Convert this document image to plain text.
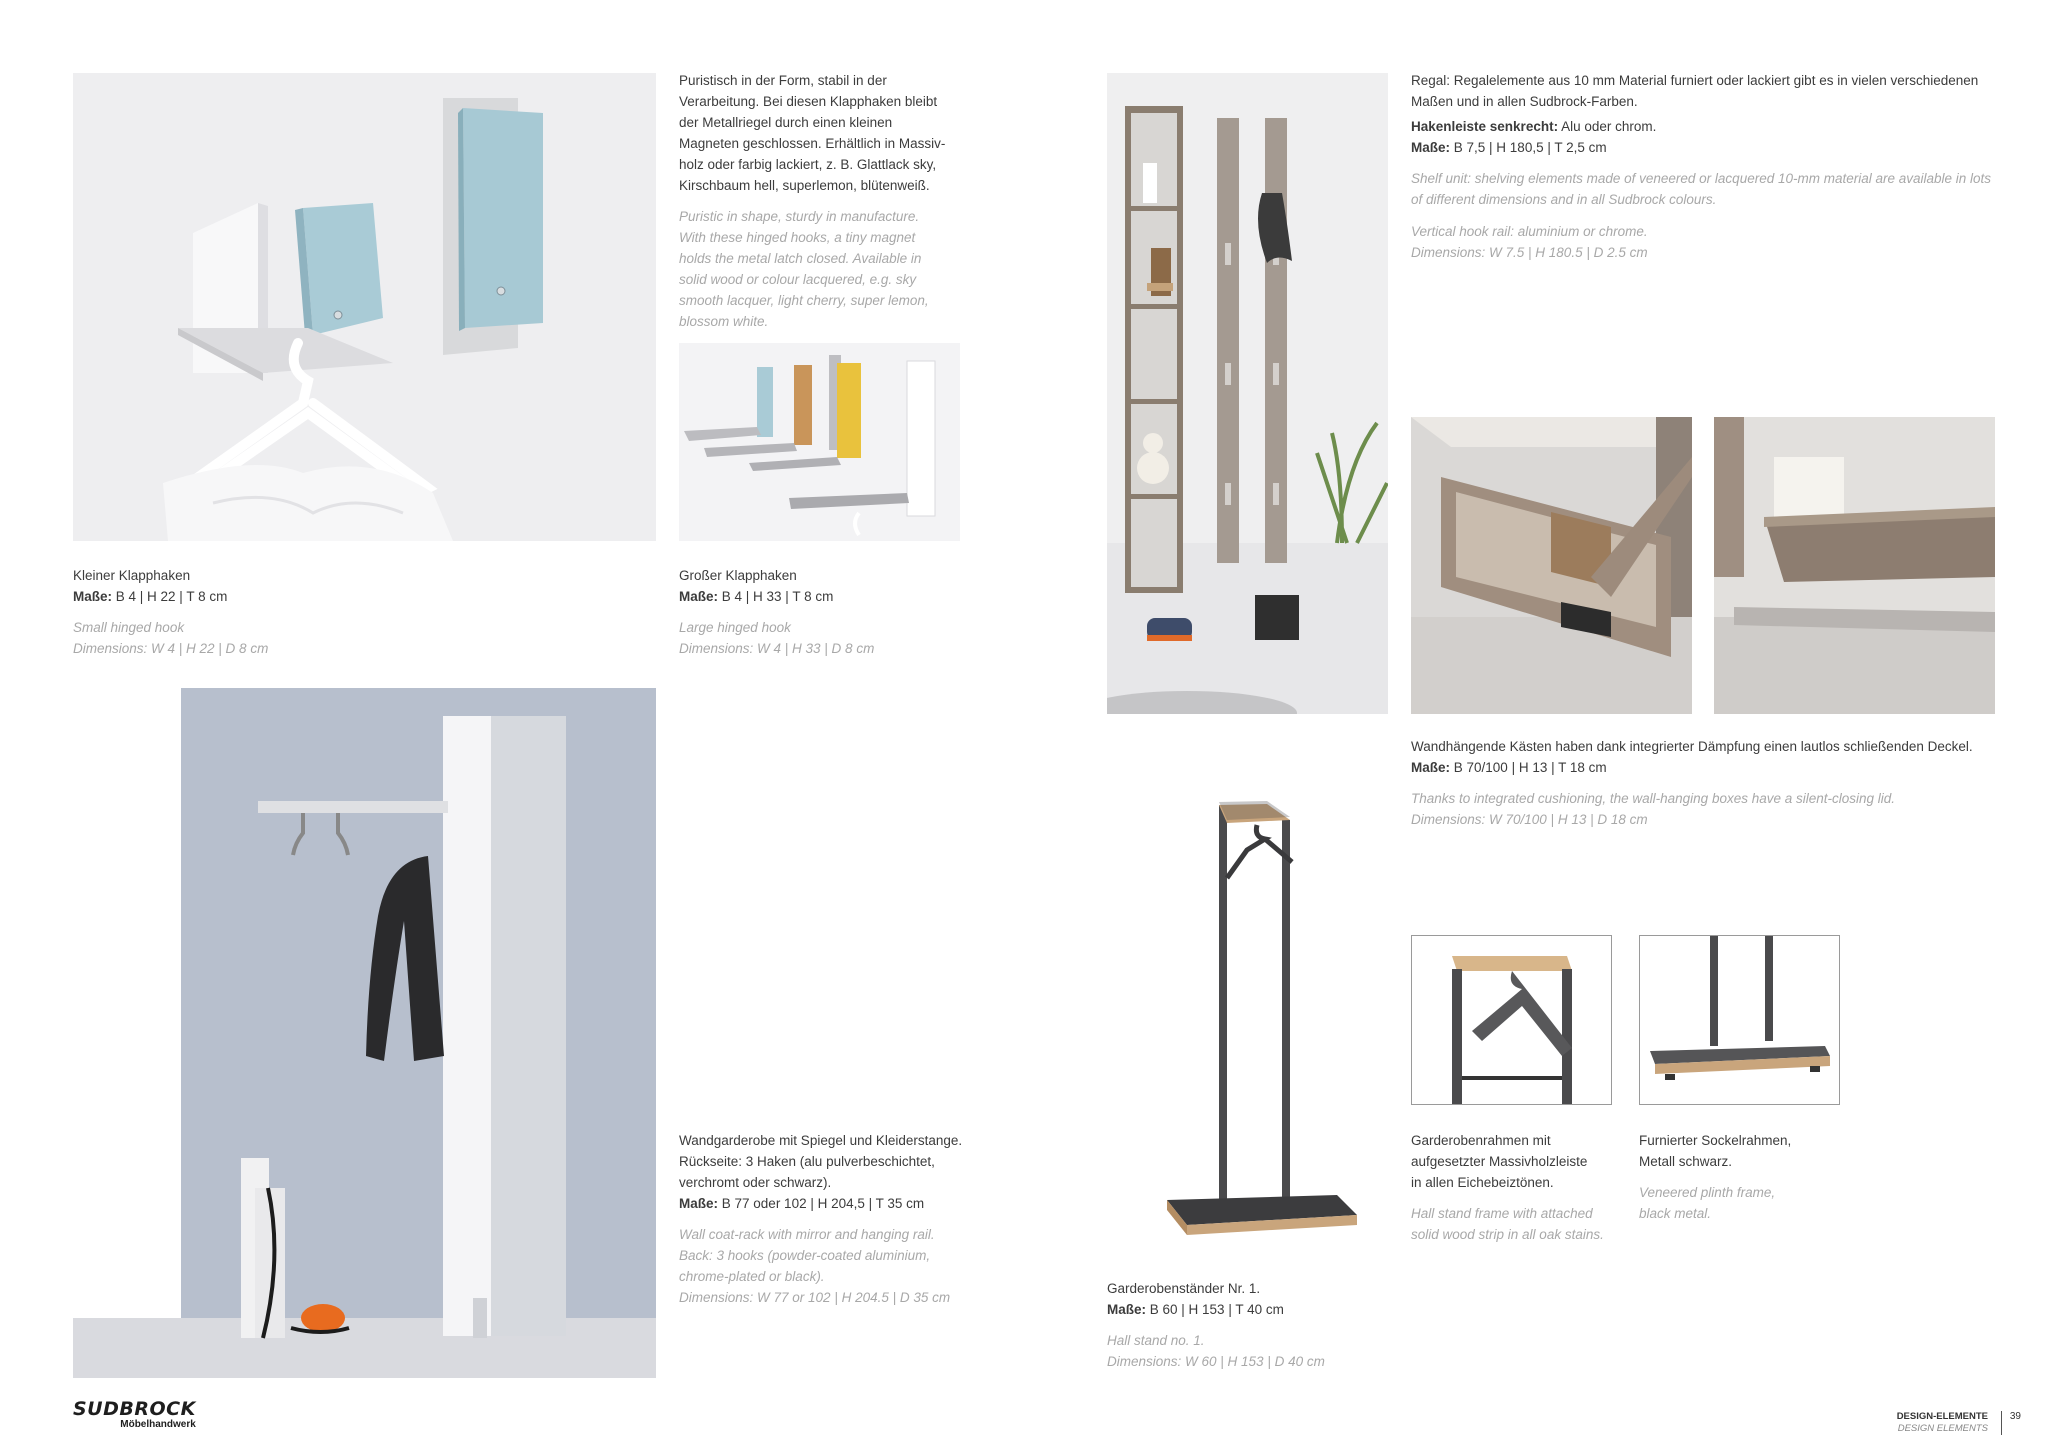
Puristisch in der Form, stabil in der

Verarbeitung. Bei diesen Klapphaken bleibt

der Metallriegel durch einen kleinen

Magneten geschlossen. Erhältlich in Massiv-

holz oder farbig lackiert, z. B. Glattlack sky,

Kirschbaum hell, superlemon, blütenweiß.

Puristic in shape, sturdy in manufacture.

With these hinged hooks, a tiny magnet

holds the metal latch closed. Available in

solid wood or colour lacquered, e.g. sky

smooth lacquer, light cherry, super lemon,

blossom white.

Kleiner Klapphaken

Maße: B 4 | H 22 | T 8 cm

Small hinged hook

Dimensions: W 4 | H 22 | D 8 cm

Großer Klapphaken

Maße: B 4 | H 33 | T 8 cm

Large hinged hook

Dimensions: W 4 | H 33 | D 8 cm

Regal: Regalelemente aus 10 mm Material furniert oder lackiert gibt es in vielen verschiedenen

Maßen und in allen Sudbrock-Farben.

Hakenleiste senkrecht: Alu oder chrom.

Maße: B 7,5 | H 180,5 | T 2,5 cm

Shelf unit: shelving elements made of veneered or lacquered 10-mm material are available in lots

of different dimensions and in all Sudbrock colours.

Vertical hook rail: aluminium or chrome.

Dimensions: W 7.5 | H 180.5 | D 2.5 cm

Wandhängende Kästen haben dank integrierter Dämpfung einen lautlos schließenden Deckel.

Maße: B 70/100 | H 13 | T 18 cm

Thanks to integrated cushioning, the wall-hanging boxes have a silent-closing lid.

Dimensions: W 70/100 | H 13 | D 18 cm

Wandgarderobe mit Spiegel und Kleiderstange.

Rückseite: 3 Haken (alu pulverbeschichtet,

verchromt oder schwarz).

Maße: B 77 oder 102 | H 204,5 | T 35 cm

Wall coat-rack with mirror and hanging rail.

Back: 3 hooks (powder-coated aluminium,

chrome-plated or black).

Dimensions: W 77 or 102 | H 204.5 | D 35 cm

Garderobenständer Nr. 1.

Maße: B 60 | H 153 | T 40 cm

Hall stand no. 1.

Dimensions: W 60 | H 153 | D 40 cm

Garderobenrahmen mit

aufgesetzter Massivholzleiste

in allen Eichebeiztönen.

Hall stand frame with attached

solid wood strip in all oak stains.

Furnierter Sockelrahmen,

Metall schwarz.

Veneered plinth frame,

black metal.

SUDBROCK
Möbelhandwerk
DESIGN-ELEMENTE
DESIGN ELEMENTS
39
